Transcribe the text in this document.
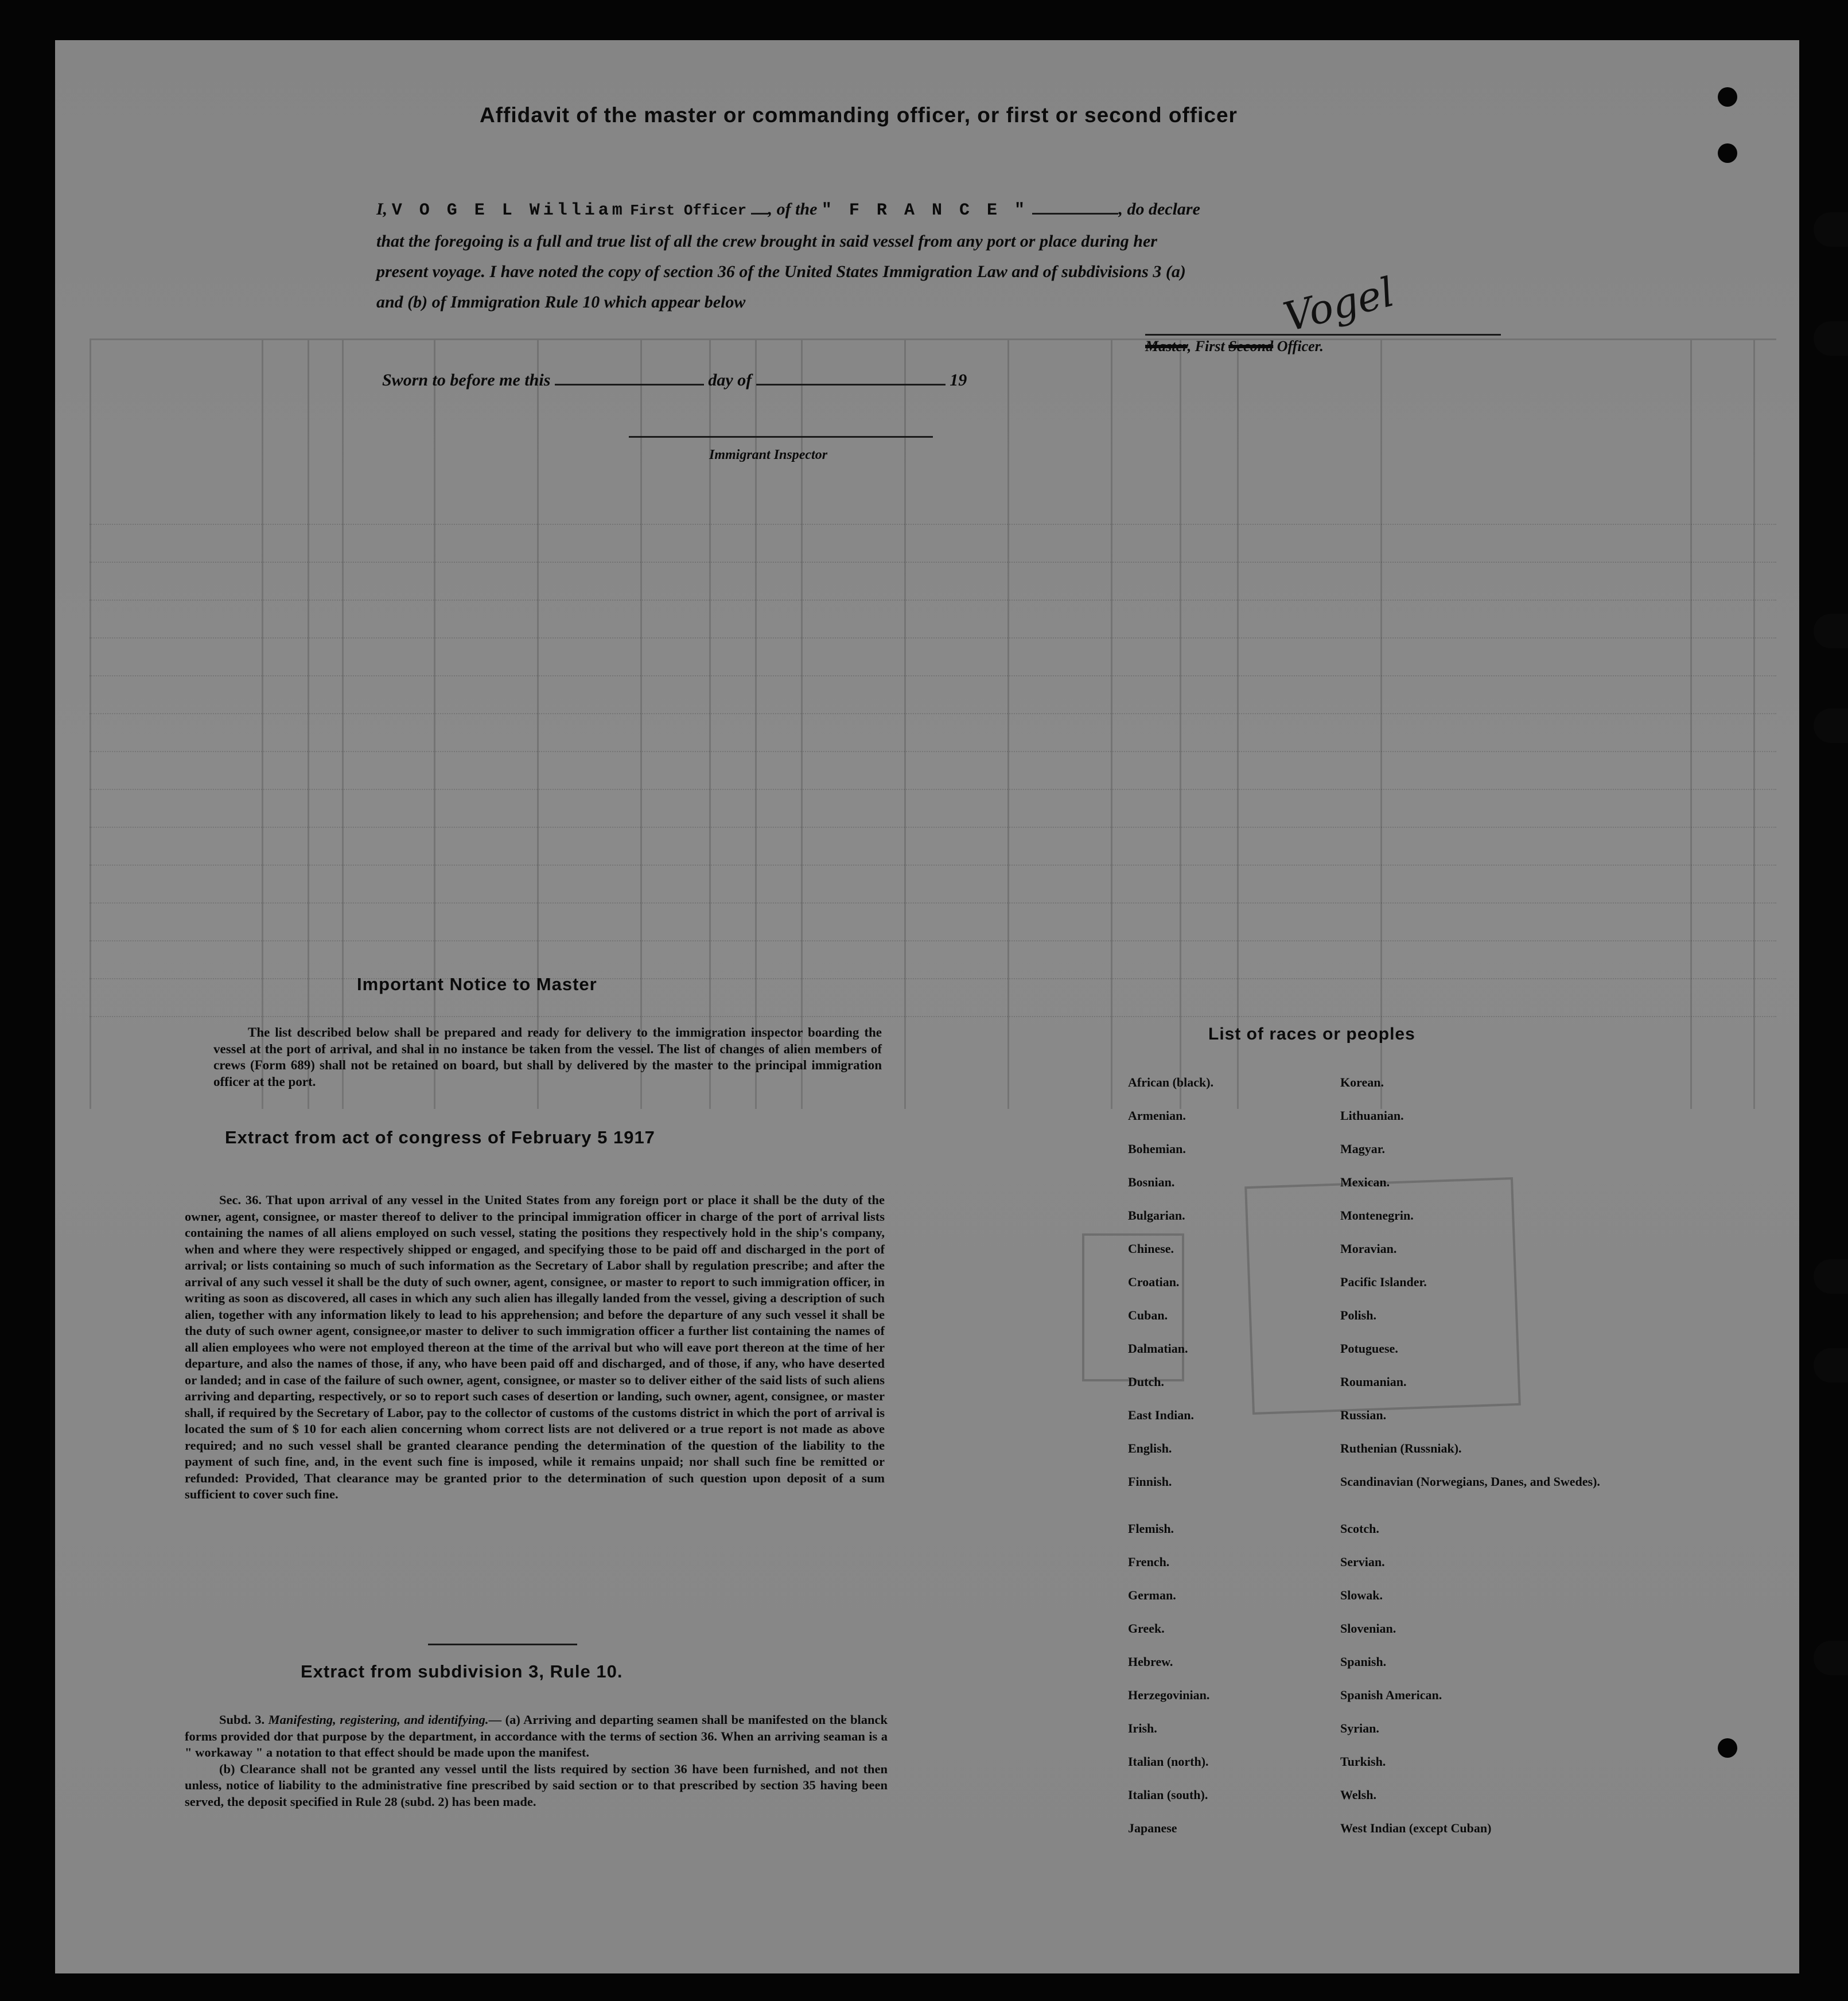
Affidavit of the master or commanding officer, or first or second officer
I, V O G E L William First Officer , of the " F R A N C E "	, do declare
that the foregoing is a full and true list of all the crew brought in said vessel from any port or place during her
present voyage. I have noted the copy of section 36 of the United States Immigration Law and of subdivisions 3 (a)
and (b) of Immigration Rule 10 which appear below	Vogel
Master, First Second Officer.
Sworn to before me this	day of	19
Immigrant Inspector
Important Notice to Master
The list described below shall be prepared and ready for delivery to the immigration inspector boarding the vessel at the port of arrival, and shal in no instance be taken from the vessel. The list of changes of alien members of crews (Form 689) shall not be retained on board, but shall by delivered by the master to the principal immigration officer at the port.
Extract from act of congress of February 5 1917
Sec. 36. That upon arrival of any vessel in the United States from any foreign port or place it shall be the duty of the owner, agent, consignee, or master thereof to deliver to the principal immigration officer in charge of the port of arrival lists containing the names of all aliens employed on such vessel, stating the positions they respectively hold in the ship's company, when and where they were respectively shipped or engaged, and specifying those to be paid off and discharged in the port of arrival; or lists containing so much of such information as the Secretary of Labor shall by regulation prescribe; and after the arrival of any such vessel it shall be the duty of such owner, agent, consignee, or master to report to such immigration officer, in writing as soon as discovered, all cases in which any such alien has illegally landed from the vessel, giving a description of such alien, together with any information likely to lead to his apprehension; and before the departure of any such vessel it shall be the duty of such owner agent, consignee,or master to deliver to such immigration officer a further list containing the names of all alien employees who were not employed thereon at the time of the arrival but who will eave port thereon at the time of her departure, and also the names of those, if any, who have been paid off and discharged, and of those, if any, who have deserted or landed; and in case of the failure of such owner, agent, consignee, or master so to deliver either of the said lists of such aliens arriving and departing, respectively, or so to report such cases of desertion or landing, such owner, agent, consignee, or master shall, if required by the Secretary of Labor, pay to the collector of customs of the customs district in which the port of arrival is located the sum of $ 10 for each alien concerning whom correct lists are not delivered or a true report is not made as above required; and no such vessel shall be granted clearance pending the determination of the question of the liability to the payment of such fine, and, in the event such fine is imposed, while it remains unpaid; nor shall such fine be remitted or refunded: Provided, That clearance may be granted prior to the determination of such question upon deposit of a sum sufficient to cover such fine.
Extract from subdivision 3, Rule 10.
Subd. 3. Manifesting, registering, and identifying.— (a) Arriving and departing seamen shall be manifested on the blanck forms provided dor that purpose by the department, in accordance with the terms of section 36. When an arriving seaman is a " workaway " a notation to that effect should be made upon the manifest.
(b) Clearance shall not be granted any vessel until the lists required by section 36 have been furnished, and not then unless, notice of liability to the administrative fine prescribed by said section or to that prescribed by section 35 having been served, the deposit specified in Rule 28 (subd. 2) has been made.
List of races or peoples
African (black).	Korean.
Armenian.	Lithuanian.
Bohemian.	Magyar.
Bosnian.	Mexican.
Bulgarian.	Montenegrin.
Chinese.	Moravian.
Croatian.	Pacific Islander.
Cuban.	Polish.
Dalmatian.	Potuguese.
Dutch.	Roumanian.
East Indian.	Russian.
English.	Ruthenian (Russniak).
Finnish.	Scandinavian (Norwegians, Danes, and Swedes).
Flemish.	Scotch.
French.	Servian.
German.	Slowak.
Greek.	Slovenian.
Hebrew.	Spanish.
Herzegovinian.	Spanish American.
Irish.	Syrian.
Italian (north).	Turkish.
Italian (south).	Welsh.
Japanese	West Indian (except Cuban)
